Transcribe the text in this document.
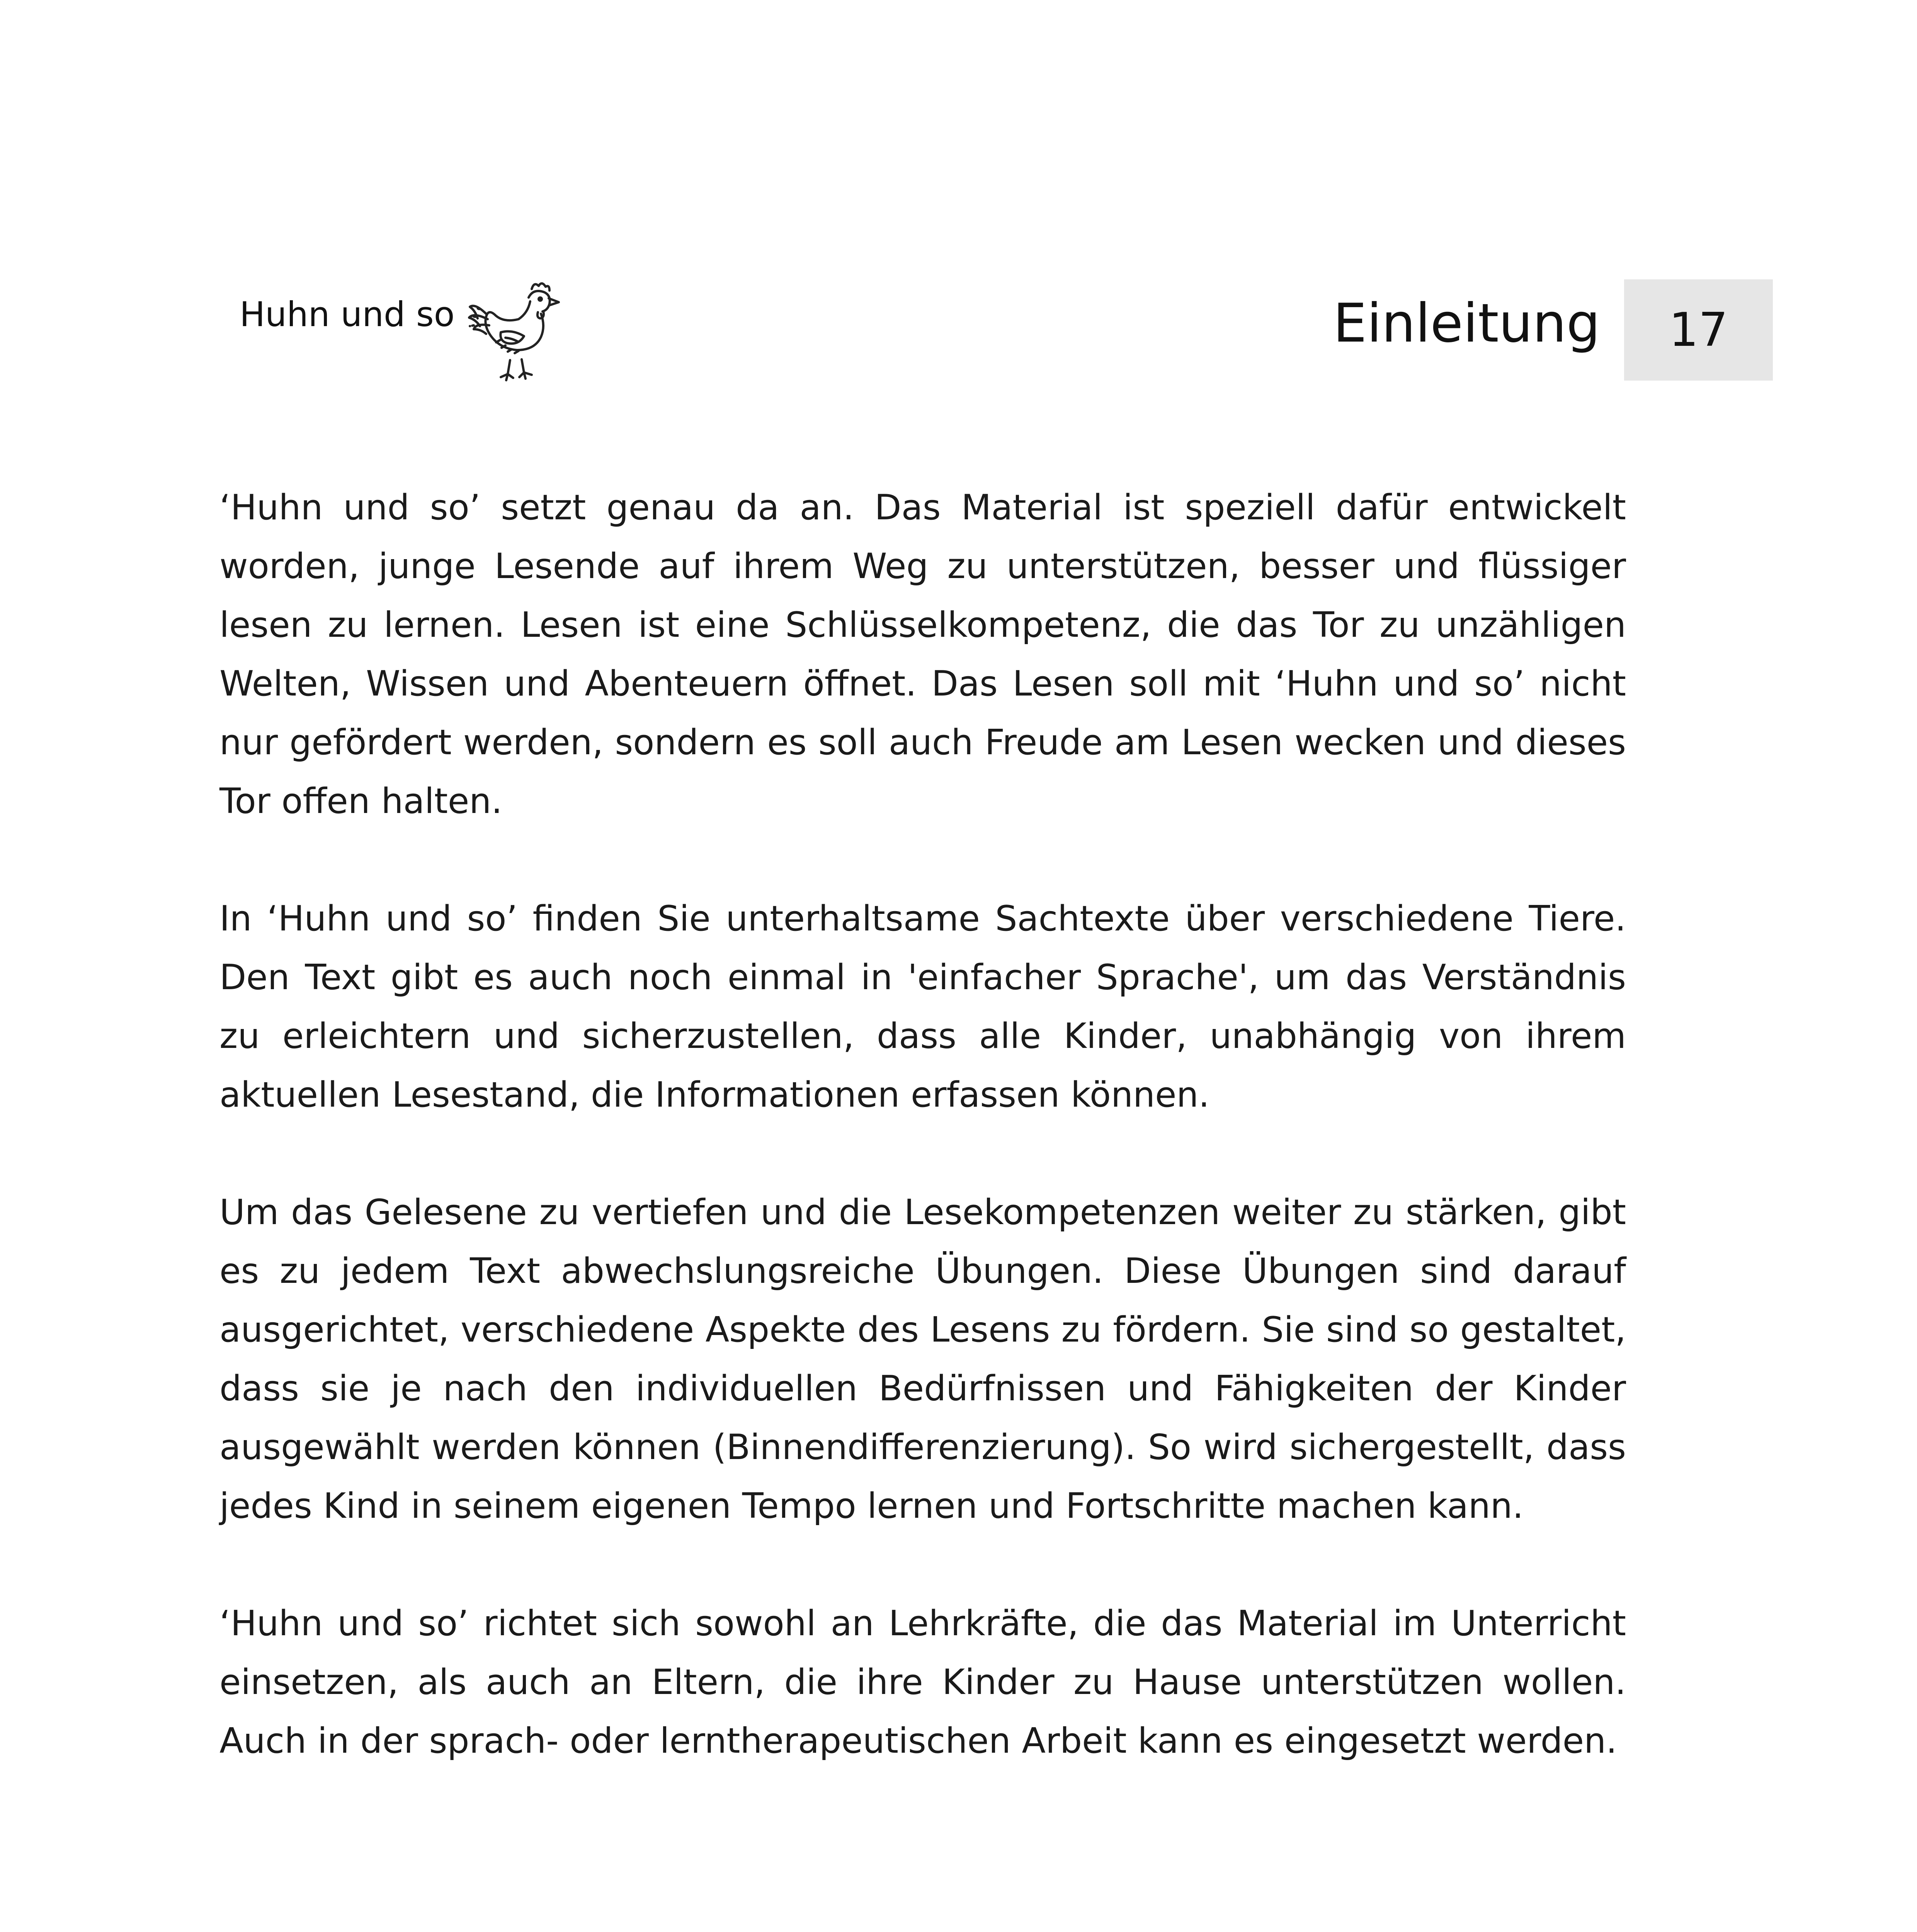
Huhn und so	Einleitung 17

‘Huhn und so’ setzt genau da an. Das Material ist speziell dafür entwickelt worden, junge Lesende auf ihrem Weg zu unterstützen, besser und flüssiger lesen zu lernen. Lesen ist eine Schlüsselkompetenz, die das Tor zu unzähligen Welten, Wissen und Abenteuern öffnet. Das Lesen soll mit ‘Huhn und so’ nicht nur gefördert werden, sondern es soll auch Freude am Lesen wecken und dieses Tor offen halten.

In ‘Huhn und so’ finden Sie unterhaltsame Sachtexte über verschiedene Tiere. Den Text gibt es auch noch einmal in 'einfacher Sprache', um das Verständnis zu erleichtern und sicherzustellen, dass alle Kinder, unabhängig von ihrem aktuellen Lesestand, die Informationen erfassen können.

Um das Gelesene zu vertiefen und die Lesekompetenzen weiter zu stärken, gibt es zu jedem Text abwechslungsreiche Übungen. Diese Übungen sind darauf ausgerichtet, verschiedene Aspekte des Lesens zu fördern. Sie sind so gestaltet, dass sie je nach den individuellen Bedürfnissen und Fähigkeiten der Kinder ausgewählt werden können (Binnendifferenzierung). So wird sichergestellt, dass jedes Kind in seinem eigenen Tempo lernen und Fortschritte machen kann.

‘Huhn und so’ richtet sich sowohl an Lehrkräfte, die das Material im Unterricht einsetzen, als auch an Eltern, die ihre Kinder zu Hause unterstützen wollen. Auch in der sprach- oder lerntherapeutischen Arbeit kann es eingesetzt werden.
